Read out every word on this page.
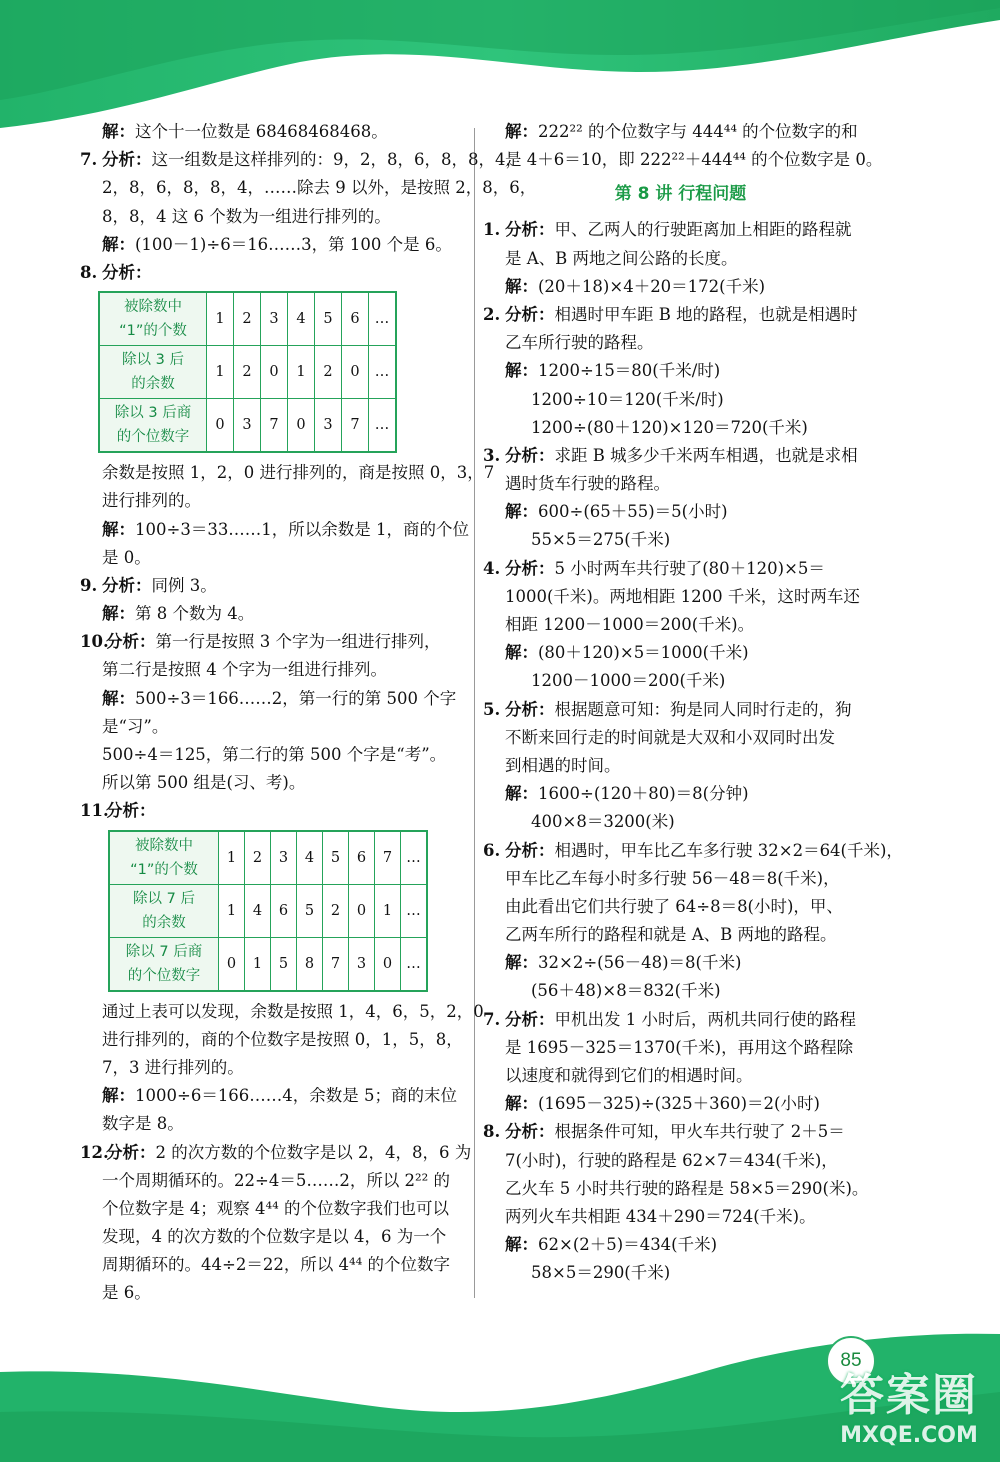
解：这个十一位数是 68468468468。
7. 分析：这一组数是这样排列的：9，2，8，6，8，8，4，
2，8，6，8，8，4，……除去 9 以外，是按照 2，8，6，
8，8，4 这 6 个数为一组进行排列的。
解：(100－1)÷6＝16……3，第 100 个是 6。
8. 分析：
被除数中
“1”的个数	1	2	3	4	5	6	…
除以 3 后
的余数	1	2	0	1	2	0	…
除以 3 后商
的个位数字	0	3	7	0	3	7	…
余数是按照 1，2，0 进行排列的，商是按照 0，3，7
进行排列的。
解：100÷3＝33……1，所以余数是 1，商的个位
是 0。
9. 分析：同例 3。
解：第 8 个数为 4。
10.分析：第一行是按照 3 个字为一组进行排列，
第二行是按照 4 个字为一组进行排列。
解：500÷3＝166……2，第一行的第 500 个字
是“习”。
500÷4＝125，第二行的第 500 个字是“考”。
所以第 500 组是(习、考)。
11.分析：
被除数中
“1”的个数	1	2	3	4	5	6	7	…
除以 7 后
的余数	1	4	6	5	2	0	1	…
除以 7 后商
的个位数字	0	1	5	8	7	3	0	…
通过上表可以发现，余数是按照 1，4，6，5，2，0
进行排列的，商的个位数字是按照 0，1，5，8，
7，3 进行排列的。
解：1000÷6＝166……4，余数是 5；商的末位
数字是 8。
12.分析：2 的次方数的个位数字是以 2，4，8，6 为
一个周期循环的。22÷4＝5……2，所以 2²² 的
个位数字是 4；观察 4⁴⁴ 的个位数字我们也可以
发现，4 的次方数的个位数字是以 4，6 为一个
周期循环的。44÷2＝22，所以 4⁴⁴ 的个位数字
是 6。
解：222²² 的个位数字与 444⁴⁴ 的个位数字的和
是 4＋6＝10，即 222²²＋444⁴⁴ 的个位数字是 0。
第 8 讲 行程问题
1. 分析：甲、乙两人的行驶距离加上相距的路程就
是 A、B 两地之间公路的长度。
解：(20＋18)×4＋20＝172(千米)
2. 分析：相遇时甲车距 B 地的路程，也就是相遇时
乙车所行驶的路程。
解：1200÷15＝80(千米/时)
1200÷10＝120(千米/时)
1200÷(80＋120)×120＝720(千米)
3. 分析：求距 B 城多少千米两车相遇，也就是求相
遇时货车行驶的路程。
解：600÷(65＋55)＝5(小时)
55×5＝275(千米)
4. 分析：5 小时两车共行驶了(80＋120)×5＝
1000(千米)。两地相距 1200 千米，这时两车还
相距 1200－1000＝200(千米)。
解：(80＋120)×5＝1000(千米)
1200－1000＝200(千米)
5. 分析：根据题意可知：狗是同人同时行走的，狗
不断来回行走的时间就是大双和小双同时出发
到相遇的时间。
解：1600÷(120＋80)＝8(分钟)
400×8＝3200(米)
6. 分析：相遇时，甲车比乙车多行驶 32×2＝64(千米)，
甲车比乙车每小时多行驶 56－48＝8(千米)，
由此看出它们共行驶了 64÷8＝8(小时)，甲、
乙两车所行的路程和就是 A、B 两地的路程。
解：32×2÷(56－48)＝8(千米)
(56＋48)×8＝832(千米)
7. 分析：甲机出发 1 小时后，两机共同行使的路程
是 1695－325＝1370(千米)，再用这个路程除
以速度和就得到它们的相遇时间。
解：(1695－325)÷(325＋360)＝2(小时)
8. 分析：根据条件可知，甲火车共行驶了 2＋5＝
7(小时)，行驶的路程是 62×7＝434(千米)，
乙火车 5 小时共行驶的路程是 58×5＝290(米)。
两列火车共相距 434＋290＝724(千米)。
解：62×(2＋5)＝434(千米)
58×5＝290(千米)
85
答案圈
MXQE.COM
